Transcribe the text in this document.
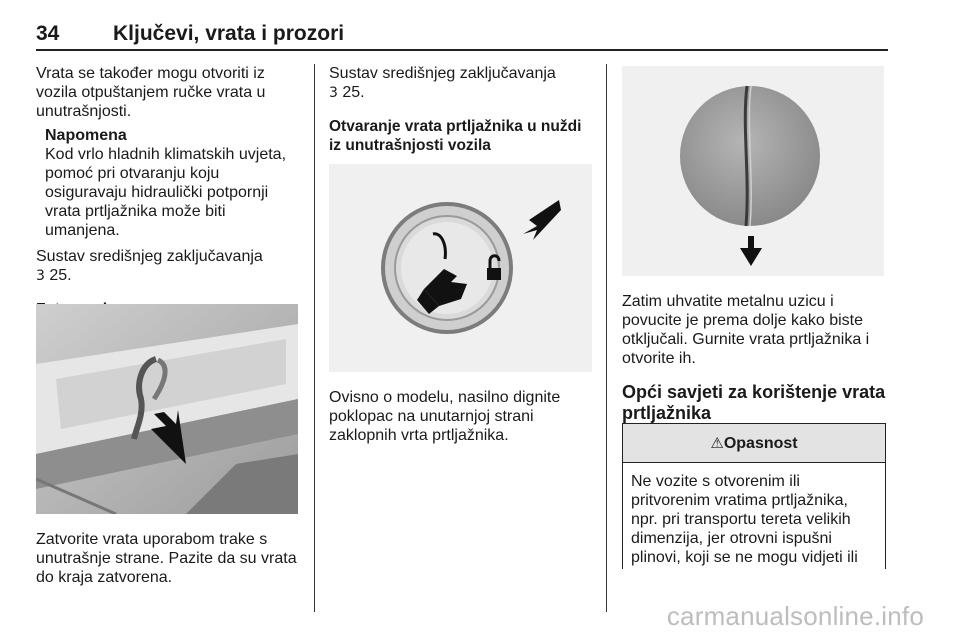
34	Ključevi, vrata i prozori

Vrata se također mogu otvoriti iz vozila otpuštanjem ručke vrata u unutrašnjosti.

Napomena

Kod vrlo hladnih klimatskih uvjeta, pomoć pri otvaranju koju osiguravaju hidraulički potpornji vrata prtljažnika može biti umanjena.

Sustav središnjeg zaključavanja
3 25.

Zatvorite vrata uporabom trake s unutrašnje strane. Pazite da su vrata do kraja zatvorena.

Sustav središnjeg zaključavanja
3 25.

Otvaranje vrata prtljažnika u nuždi iz unutrašnjosti vozila

Ovisno o modelu, nasilno dignite poklopac na unutarnjoj strani zaklopnih vrta prtljažnika.

Zatim uhvatite metalnu uzicu i povucite je prema dolje kako biste otključali. Gurnite vrata prtljažnika i otvorite ih.

Opći savjeti za korištenje vrata prtljažnika

⚠Opasnost

Ne vozite s otvorenim ili pritvorenim vratima prtljažnika, npr. pri transportu tereta velikih dimenzija, jer otrovni ispušni plinovi, koji se ne mogu vidjeti ili

carmanualsonline.info
